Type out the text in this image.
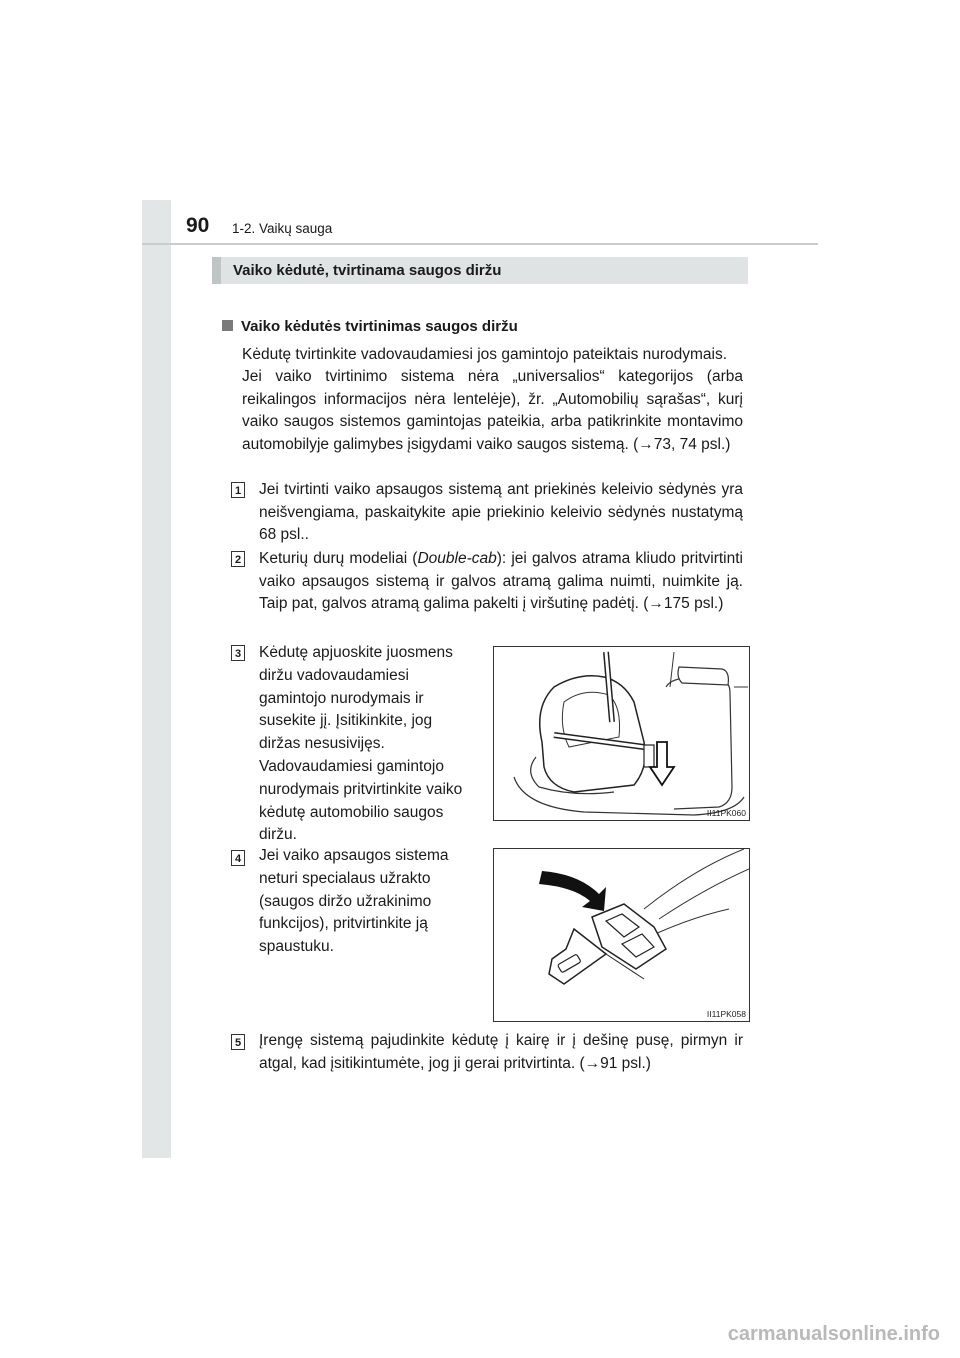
90 1-2. Vaikų sauga
Vaiko kėdutė, tvirtinama saugos diržu
Vaiko kėdutės tvirtinimas saugos diržu

Kėdutę tvirtinkite vadovaudamiesi jos gamintojo pateiktais nurodymais.

Jei vaiko tvirtinimo sistema nėra „universalios“ kategorijos (arba reikalingos informacijos nėra lentelėje), žr. „Automobilių sąrašas“, kurį vaiko saugos sistemos gamintojas pateikia, arba patikrinkite montavimo automobilyje galimybes įsigydami vaiko saugos sistemą. (→73, 74 psl.)

1 Jei tvirtinti vaiko apsaugos sistemą ant priekinės keleivio sėdynės yra neišvengiama, paskaitykite apie priekinio keleivio sėdynės nustatymą 68 psl..

2 Keturių durų modeliai (Double-cab): jei galvos atrama kliudo pritvirtinti vaiko apsaugos sistemą ir galvos atramą galima nuimti, nuimkite ją. Taip pat, galvos atramą galima pakelti į viršutinę padėtį. (→175 psl.)

3 Kėdutę apjuoskite juosmens diržu vadovaudamiesi gamintojo nurodymais ir susekite jį. Įsitikinkite, jog diržas nesusivijęs. Vadovaudamiesi gamintojo nurodymais pritvirtinkite vaiko kėdutę automobilio saugos diržu.

II11PK060
4 Jei vaiko apsaugos sistema neturi specialaus užrakto (saugos diržo užrakinimo funkcijos), pritvirtinkite ją spaustuku.

II11PK058
5 Įrengę sistemą pajudinkite kėdutę į kairę ir į dešinę pusę, pirmyn ir atgal, kad įsitikintumėte, jog ji gerai pritvirtinta. (→91 psl.)

carmanualsonline.info
